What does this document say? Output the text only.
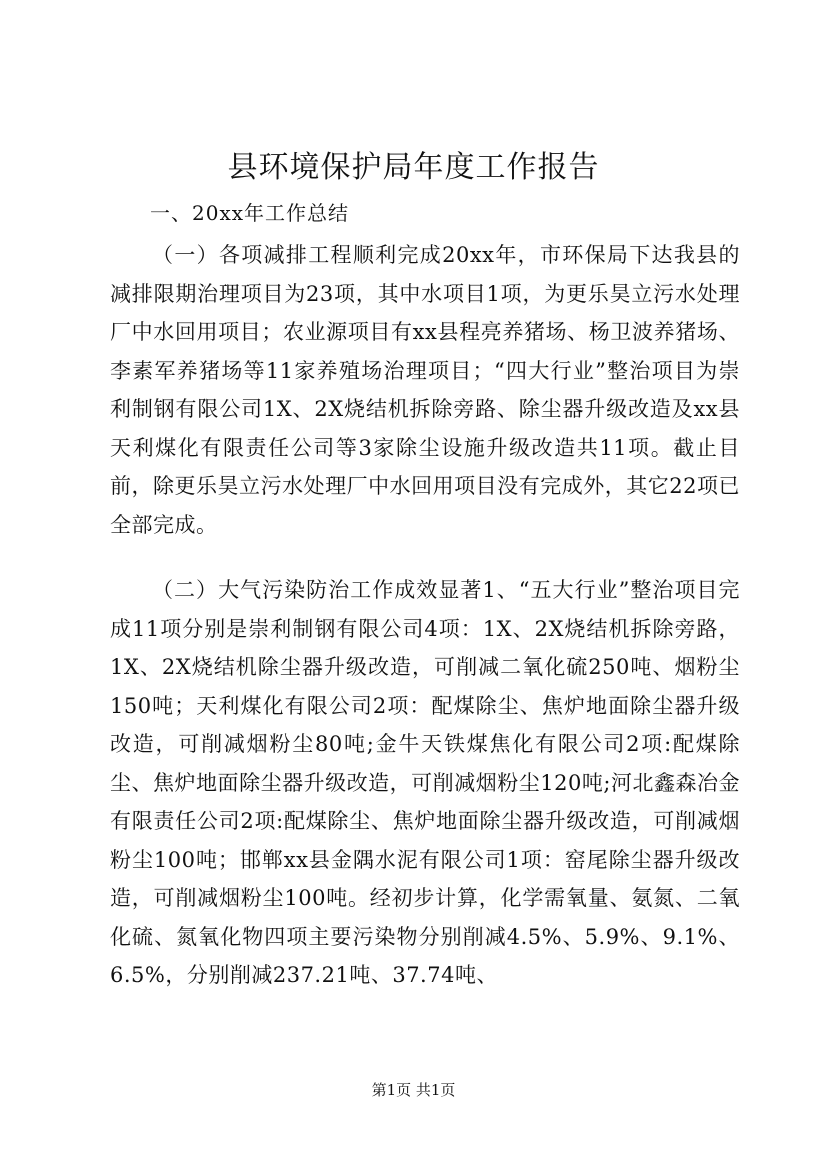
县环境保护局年度工作报告

一、20xx年工作总结

（一）各项减排工程顺利完成20xx年，市环保局下达我县的减排限期治理项目为23项，其中水项目1项，为更乐昊立污水处理厂中水回用项目；农业源项目有xx县程亮养猪场、杨卫波养猪场、李素军养猪场等11家养殖场治理项目；“四大行业”整治项目为崇利制钢有限公司1X、2X烧结机拆除旁路、除尘器升级改造及xx县天利煤化有限责任公司等3家除尘设施升级改造共11项。截止目前，除更乐昊立污水处理厂中水回用项目没有完成外，其它22项已全部完成。

（二）大气污染防治工作成效显著1、“五大行业”整治项目完成11项分别是崇利制钢有限公司4项：1X、2X烧结机拆除旁路，1X、2X烧结机除尘器升级改造，可削减二氧化硫250吨、烟粉尘150吨；天利煤化有限公司2项：配煤除尘、焦炉地面除尘器升级改造，可削减烟粉尘80吨;金牛天铁煤焦化有限公司2项:配煤除尘、焦炉地面除尘器升级改造，可削减烟粉尘120吨;河北鑫森冶金有限责任公司2项:配煤除尘、焦炉地面除尘器升级改造，可削减烟粉尘100吨；邯郸xx县金隅水泥有限公司1项：窑尾除尘器升级改造，可削减烟粉尘100吨。经初步计算，化学需氧量、氨氮、二氧化硫、氮氧化物四项主要污染物分别削减4.5%、5.9%、9.1%、6.5%，分别削减237.21吨、37.74吨、

第1页 共1页
